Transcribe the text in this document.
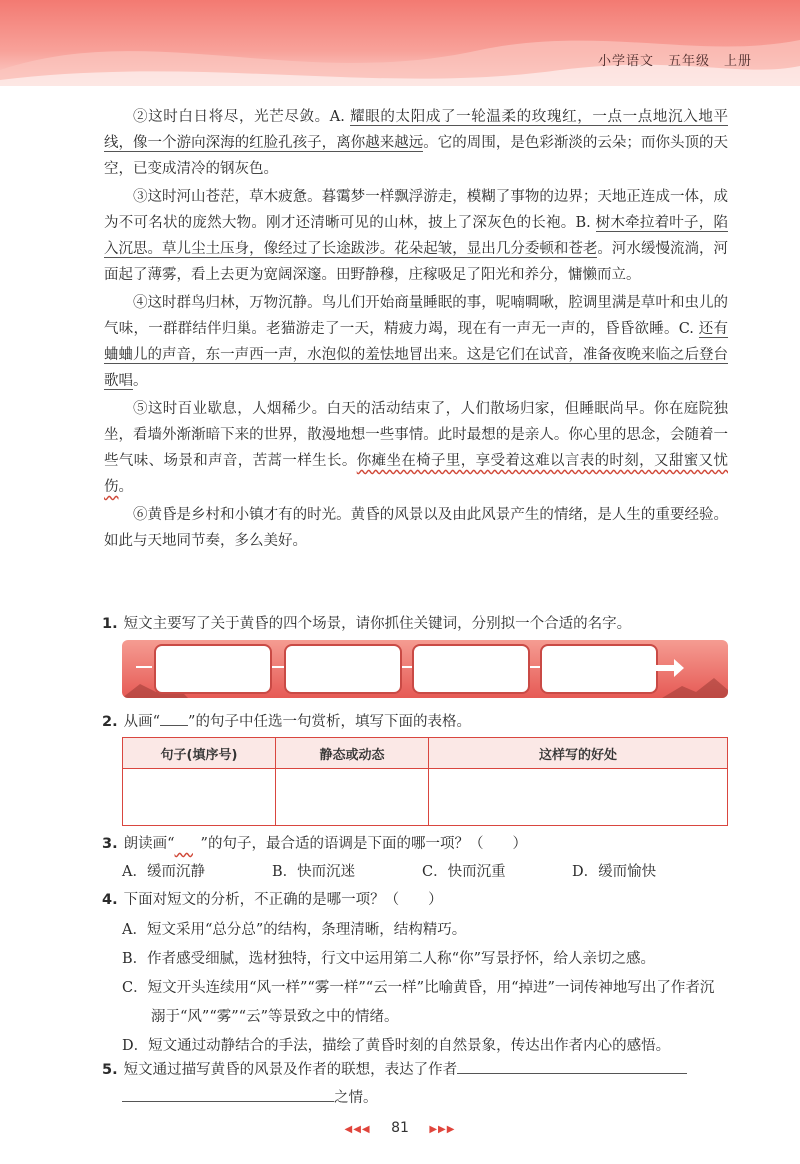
小学语文 五年级 上册

②这时白日将尽，光芒尽敛。A. 耀眼的太阳成了一轮温柔的玫瑰红，一点一点地沉入地平线，像一个游向深海的红脸孔孩子，离你越来越远。它的周围，是色彩渐淡的云朵；而你头顶的天空，已变成清冷的钢灰色。

③这时河山苍茫，草木疲惫。暮霭梦一样飘浮游走，模糊了事物的边界；天地正连成一体，成为不可名状的庞然大物。刚才还清晰可见的山林，披上了深灰色的长袍。B. 树木牵拉着叶子，陷入沉思。草儿尘土压身，像经过了长途跋涉。花朵起皱，显出几分委顿和苍老。河水缓慢流淌，河面起了薄雾，看上去更为宽阔深邃。田野静穆，庄稼吸足了阳光和养分，慵懒而立。

④这时群鸟归林，万物沉静。鸟儿们开始商量睡眠的事，呢喃啁啾，腔调里满是草叶和虫儿的气味，一群群结伴归巢。老猫游走了一天，精疲力竭，现在有一声无一声的，昏昏欲睡。C. 还有蛐蛐儿的声音，东一声西一声，水泡似的羞怯地冒出来。这是它们在试音，准备夜晚来临之后登台歌唱。

⑤这时百业歇息，人烟稀少。白天的活动结束了，人们散场归家，但睡眠尚早。你在庭院独坐，看墙外渐渐暗下来的世界，散漫地想一些事情。此时最想的是亲人。你心里的思念，会随着一些气味、场景和声音，苦蒿一样生长。你瘫坐在椅子里，享受着这难以言表的时刻，又甜蜜又忧伤。

⑥黄昏是乡村和小镇才有的时光。黄昏的风景以及由此风景产生的情绪，是人生的重要经验。如此与天地同节奏，多么美好。

1. 短文主要写了关于黄昏的四个场景，请你抓住关键词，分别拟一个合适的名字。
2. 从画“ ”的句子中任选一句赏析，填写下面的表格。
句子(填序号)	静态或动态	这样写的好处

3. 朗读画“ ”的句子，最合适的语调是下面的哪一项？（　　）
A．缓而沉静	B．快而沉迷	C．快而沉重	D．缓而愉快
4. 下面对短文的分析，不正确的是哪一项？（　　）
A．短文采用“总分总”的结构，条理清晰，结构精巧。
B．作者感受细腻，选材独特，行文中运用第二人称“你”写景抒怀，给人亲切之感。
C．短文开头连续用“风一样”“雾一样”“云一样”比喻黄昏，用“掉进”一词传神地写出了作者沉溺于“风”“雾”“云”等景致之中的情绪。
D．短文通过动静结合的手法，描绘了黄昏时刻的自然景象，传达出作者内心的感悟。
5. 短文通过描写黄昏的风景及作者的联想，表达了作者
之情。
◀◀◀ 81 ▶▶▶
